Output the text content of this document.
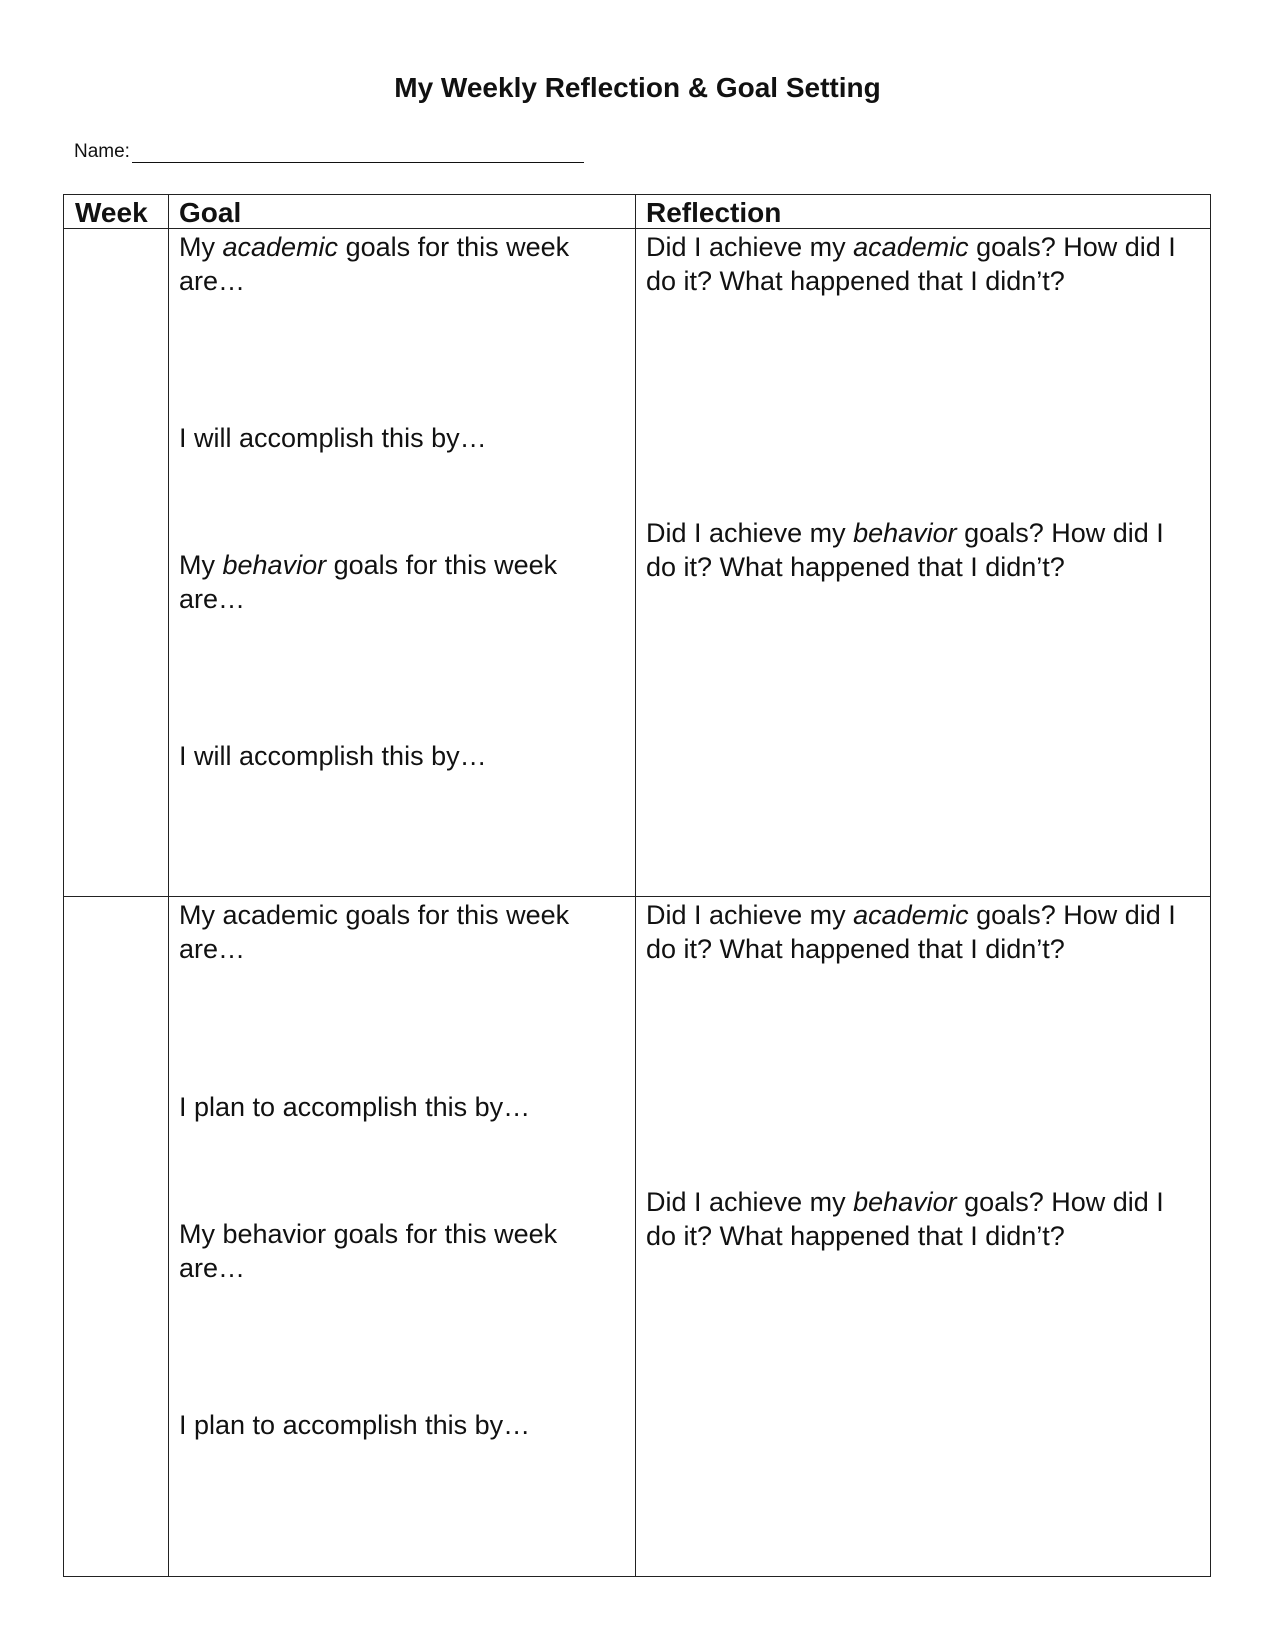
My Weekly Reflection & Goal Setting
Name:
Week Goal	Reflection

My academic goals for this week are…

I will accomplish this by…

My behavior goals for this week are…

I will accomplish this by…

Did I achieve my academic goals? How did I do it? What happened that I didn’t?

Did I achieve my behavior goals? How did I do it? What happened that I didn’t?

My academic goals for this week are…

I plan to accomplish this by…

My behavior goals for this week are…

I plan to accomplish this by…

Did I achieve my academic goals? How did I do it? What happened that I didn’t?

Did I achieve my behavior goals? How did I do it? What happened that I didn’t?
